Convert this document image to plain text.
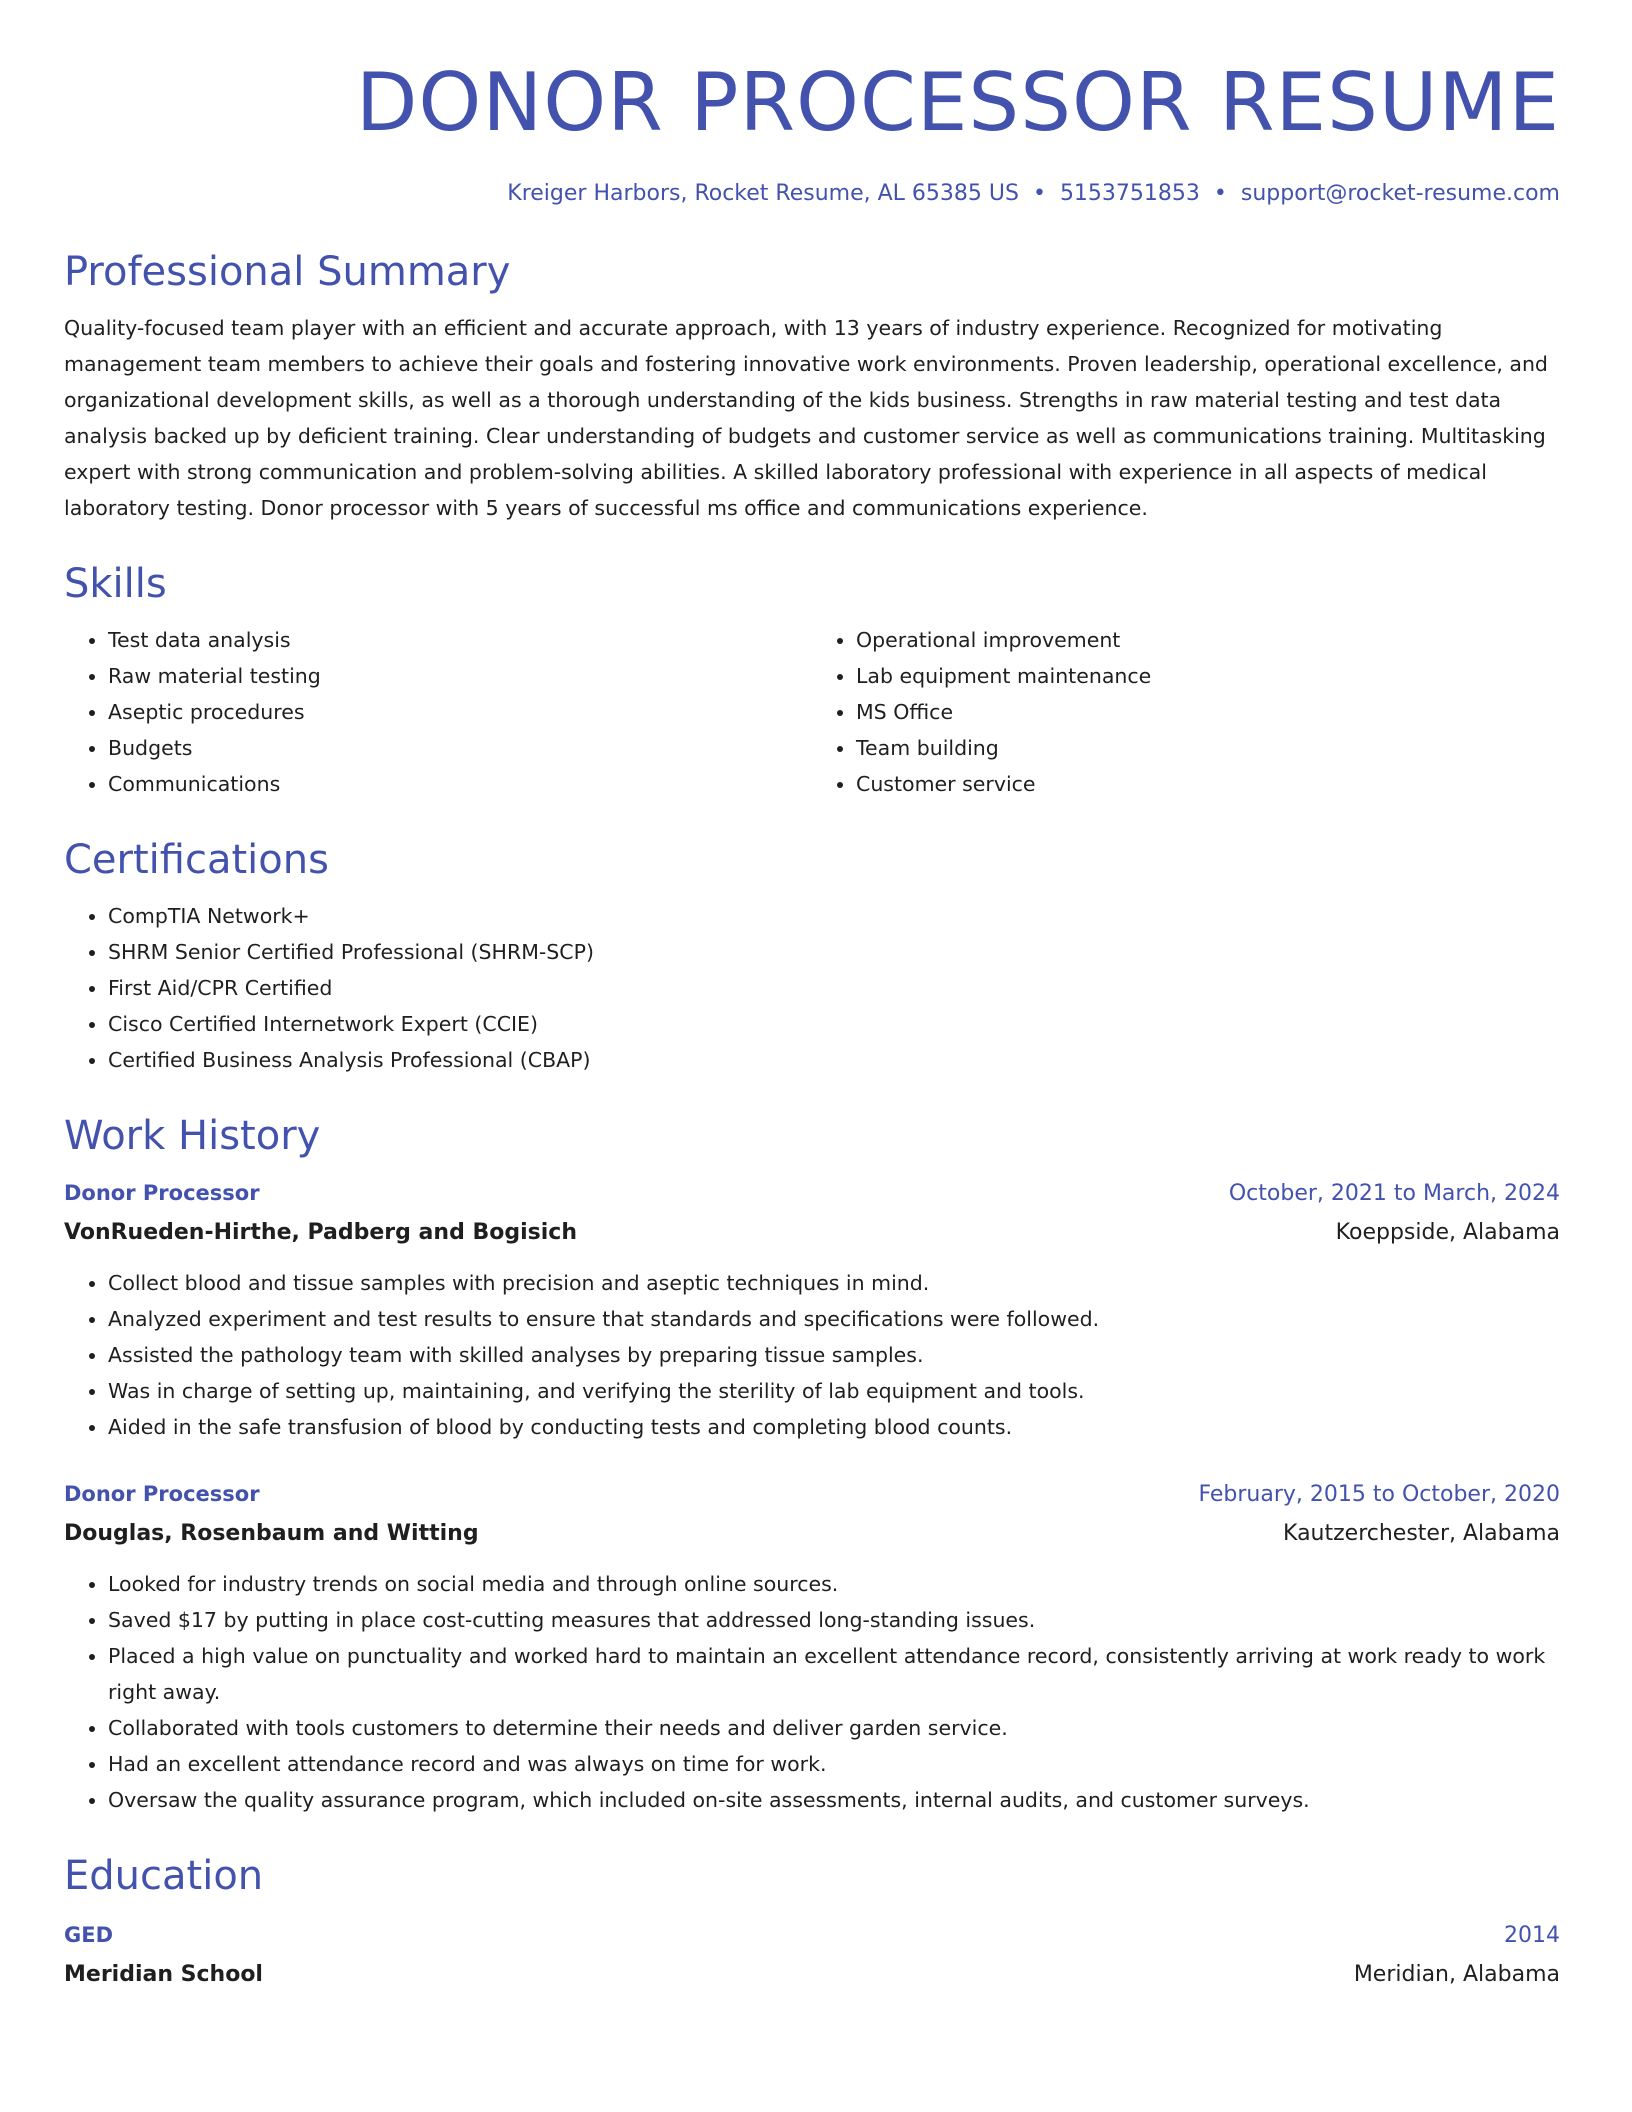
DONOR PROCESSOR RESUME
Kreiger Harbors, Rocket Resume, AL 65385 US • 5153751853 • support@rocket-resume.com
Professional Summary

Quality-focused team player with an efficient and accurate approach, with 13 years of industry experience. Recognized for motivating management team members to achieve their goals and fostering innovative work environments. Proven leadership, operational excellence, and organizational development skills, as well as a thorough understanding of the kids business. Strengths in raw material testing and test data analysis backed up by deficient training. Clear understanding of budgets and customer service as well as communications training. Multitasking expert with strong communication and problem-solving abilities. A skilled laboratory professional with experience in all aspects of medical laboratory testing. Donor processor with 5 years of successful ms office and communications experience.

Skills
• Test data analysis
• Raw material testing
• Aseptic procedures
• Budgets
• Communications
• Operational improvement
• Lab equipment maintenance
• MS Office
• Team building
• Customer service
Certifications
• CompTIA Network+
• SHRM Senior Certified Professional (SHRM-SCP)
• First Aid/CPR Certified
• Cisco Certified Internetwork Expert (CCIE)
• Certified Business Analysis Professional (CBAP)
Work History
Donor Processor	October, 2021 to March, 2024
VonRueden-Hirthe, Padberg and Bogisich	Koeppside, Alabama
• Collect blood and tissue samples with precision and aseptic techniques in mind.
• Analyzed experiment and test results to ensure that standards and specifications were followed.
• Assisted the pathology team with skilled analyses by preparing tissue samples.
• Was in charge of setting up, maintaining, and verifying the sterility of lab equipment and tools.
• Aided in the safe transfusion of blood by conducting tests and completing blood counts.
Donor Processor	February, 2015 to October, 2020
Douglas, Rosenbaum and Witting	Kautzerchester, Alabama
• Looked for industry trends on social media and through online sources.
• Saved $17 by putting in place cost-cutting measures that addressed long-standing issues.
• Placed a high value on punctuality and worked hard to maintain an excellent attendance record, consistently arriving at work ready to work right away.
• Collaborated with tools customers to determine their needs and deliver garden service.
• Had an excellent attendance record and was always on time for work.
• Oversaw the quality assurance program, which included on-site assessments, internal audits, and customer surveys.
Education
GED	2014
Meridian School	Meridian, Alabama
